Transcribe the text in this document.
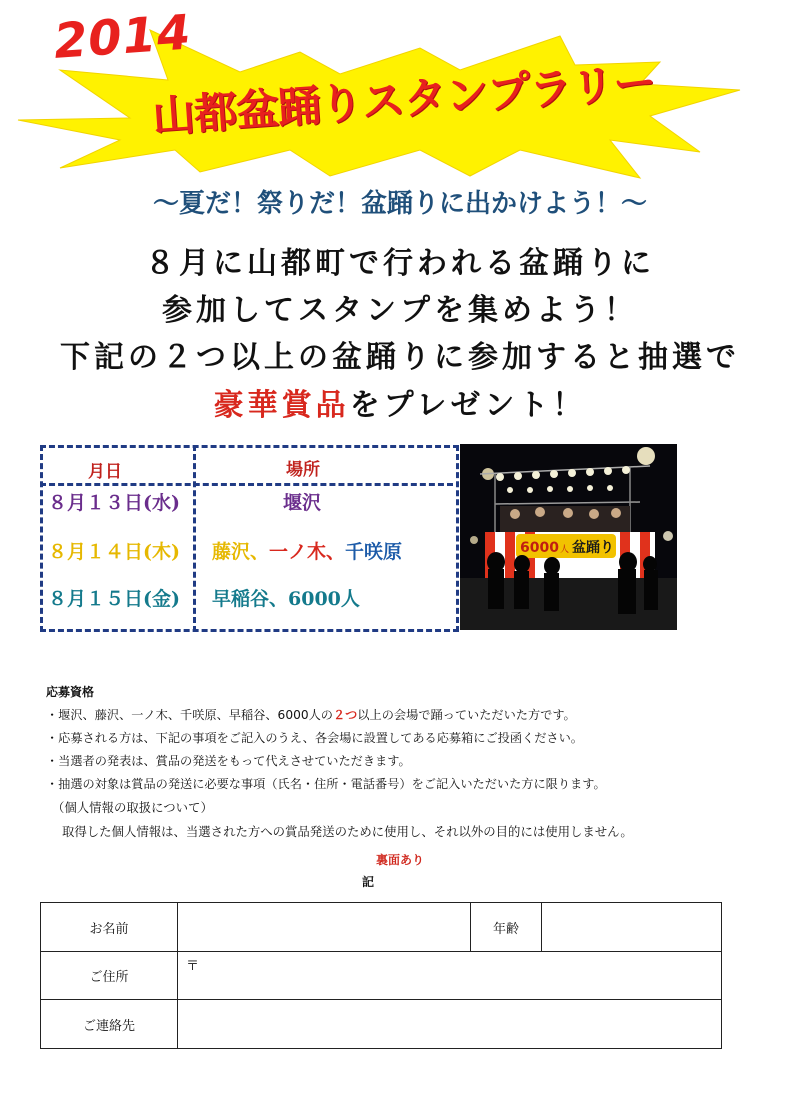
2014
山都盆踊りスタンプラリー
～夏だ！祭りだ！盆踊りに出かけよう！～
８月に山都町で行われる盆踊りに
参加してスタンプを集めよう！
下記の２つ以上の盆踊りに参加すると抽選で
豪華賞品をプレゼント！
月日	場所
８月１３日(水)	堰沢
８月１４日(木) 藤沢、一ノ木、千咲原
８月１５日(金) 早稲谷、6000人
6000 人 盆踊り
応募資格
・堰沢、藤沢、一ノ木、千咲原、早稲谷、6000人の２つ以上の会場で踊っていただいた方です。
・応募される方は、下記の事項をご記入のうえ、各会場に設置してある応募箱にご投函ください。
・当選者の発表は、賞品の発送をもって代えさせていただきます。
・抽選の対象は賞品の発送に必要な事項（氏名・住所・電話番号）をご記入いただいた方に限ります。
（個人情報の取扱について）
取得した個人情報は、当選された方への賞品発送のために使用し、それ以外の目的には使用しません。
裏面あり
記
お名前		年齢	
ご住所	〒		
ご連絡先			
